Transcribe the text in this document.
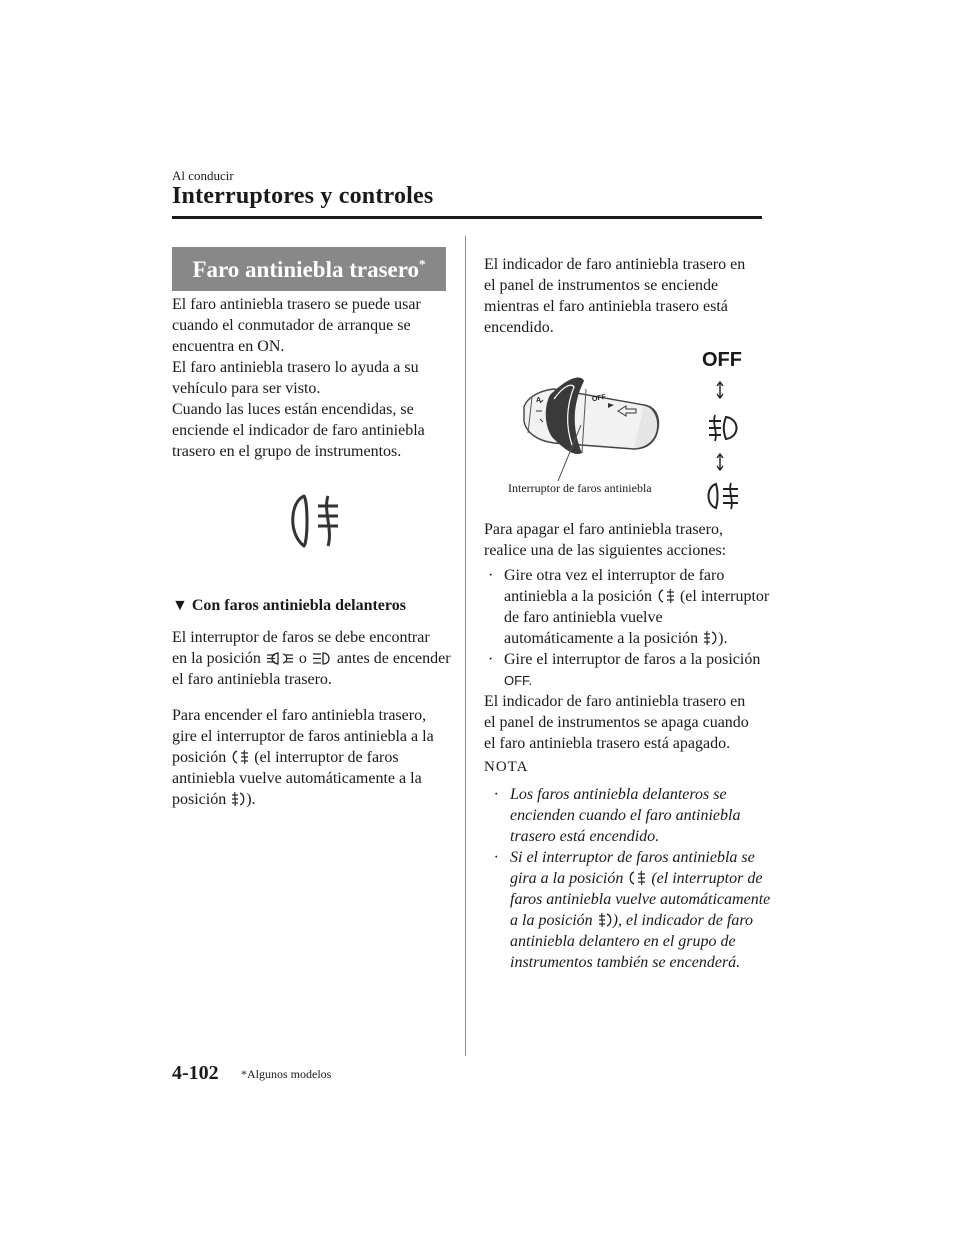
Al conducir
Interruptores y controles
Faro antiniebla trasero*
El faro antiniebla trasero se puede usar
cuando el conmutador de arranque se
encuentra en ON.
El faro antiniebla trasero lo ayuda a su
vehículo para ser visto.
Cuando las luces están encendidas, se
enciende el indicador de faro antiniebla
trasero en el grupo de instrumentos.
▼ Con faros antiniebla delanteros
El interruptor de faros se debe encontrar
en la posición o antes de encender
el faro antiniebla trasero.
Para encender el faro antiniebla trasero,
gire el interruptor de faros antiniebla a la
posición (el interruptor de faros
antiniebla vuelve automáticamente a la
posición ).
El indicador de faro antiniebla trasero en
el panel de instrumentos se enciende
mientras el faro antiniebla trasero está
encendido.
OFF
A
Interruptor de faros antiniebla
OFF
Para apagar el faro antiniebla trasero,
realice una de las siguientes acciones:
· Gire otra vez el interruptor de faro
antiniebla a la posición (el interruptor
de faro antiniebla vuelve
automáticamente a la posición ).
· Gire el interruptor de faros a la posición
OFF.
El indicador de faro antiniebla trasero en
el panel de instrumentos se apaga cuando
el faro antiniebla trasero está apagado.
NOTA
· Los faros antiniebla delanteros se
encienden cuando el faro antiniebla
trasero está encendido.
· Si el interruptor de faros antiniebla se
gira a la posición (el interruptor de
faros antiniebla vuelve automáticamente
a la posición ), el indicador de faro
antiniebla delantero en el grupo de
instrumentos también se encenderá.
4-102 *Algunos modelos
